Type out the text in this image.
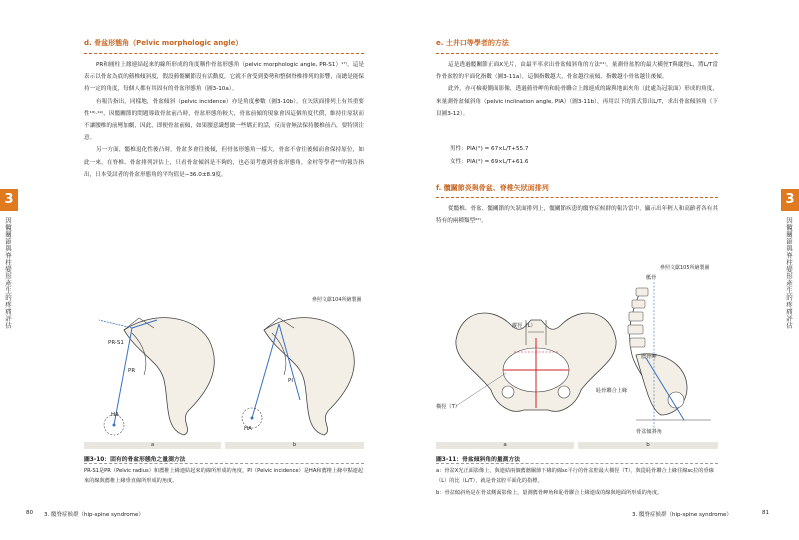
d. 骨盆形態角（Pelvic morphologic angle）

PR和圓柱上緣連結起來的線所形成的角度稱作骨盆形態角（pelvic morphologic angle, PR-S1）¹⁷⁾，這是表示以骨盆為底的薦椎傾斜度，假設薦髂關節沒有活動度，它就不會受到姿勢和整個脊椎排列的影響，而總是能保持一定的角度，每個人都有其固有的骨盆形態角（圖3-10a）。

有報告指出，同樣地，骨盆傾斜（pelvic incidence）亦是角度參數（圖3-10b）。在矢狀面排列上有其重要性¹⁸⁾·¹⁹⁾，因髖關節的問題導致骨盆前凸時，骨盆形態角較大，骨盆前傾的現象會因這個角度代償，維持住原狀而不讓腰椎的前彎加劇，因此，即便骨盆前傾，如果腰意識想做一些矯正的話，反而會無法保持腰椎前凸，要特別注意。

另一方面，髖椎退化性後凸時，骨盆多會往後傾，但骨盆形態角一樣大，骨盆不會往後傾而會保持原位，如此一來，在脊椎、骨盆排列評估上，只看骨盆傾斜是不夠的，也必須考慮到骨盆形態角，金村等學者²⁰⁾的報告指出，日本受試者的骨盆形態角的平均值是−36.0±8.9度。

3
因髖關節與脊柱變形產生的疼痛評估	參照文獻104所繪製圖
PR-S1
PR
HA
PI
HA
a	b
圖3-10：固有的骨盆形態角之量測方法
PR-S1是PR（Pelvic radius）和薦椎上緣連結起來的線所形成的角度，PI（Pelvic incidence）是HA和薦椎上緣中點連起來的線與薦椎上緣垂直線所形成的角度。
80 3. 髖脊症候群（hip-spine syndrome）
e. 土井口等學者的方法

這是透過髖關節正面X光片，由最平率求出骨盆傾斜角的方法²¹⁾，量測骨盆腔的最大橫徑T與縱徑L，將L/T當作骨盆腔的平面化指數（圖3-11a），這個指數越大，骨盆越往前傾，指數越小骨盆越往後傾。

此外，亦可檢視側面影像，透過薦骨岬角和恥骨聯合上緣連成的線與地面夾角（此處為冠狀面）形成的角度，來量測骨盆傾斜角（pelvic inclination angle, PIA）（圖3-11b），再用以下的算式算出L/T，求出骨盆傾斜角（下頁圖3-12）。

男性：PIA(°) = 67×L/T+55.7
女性：PIA(°) = 69×L/T+61.6
f. 髖關節炎與骨盆、脊椎矢狀面排列

從髖椎、骨盆、髖關節的矢狀面排列上，髖關節疾患的髖脊症候群的報告當中，顯示出年輕人和高齡者各有其特有的兩種類型²²⁾。

3
因髖關節與脊柱變形產生的疼痛評估
參照文獻105所繪製圖
縱徑（L）
橫徑（T）
骶骨
薦骨岬
恥骨聯合上緣
骨盆傾斜角
a	b
圖3-11：骨盆傾斜角的量測方法
a：骨盆X光正面影像上，與連結兩個薦髂關節下緣的線sc平行的骨盆腔最大橫徑（T），與從恥骨聯合上緣往線sc拉的垂線（L）的比（L/T），就是骨盆腔平面化的指標。
b：骨盆傾斜角是在骨盆側面影像上，量測薦骨岬角和恥骨聯合上緣連成的線與地面所形成的角度。
3. 髖脊症候群（hip-spine syndrome）	81
